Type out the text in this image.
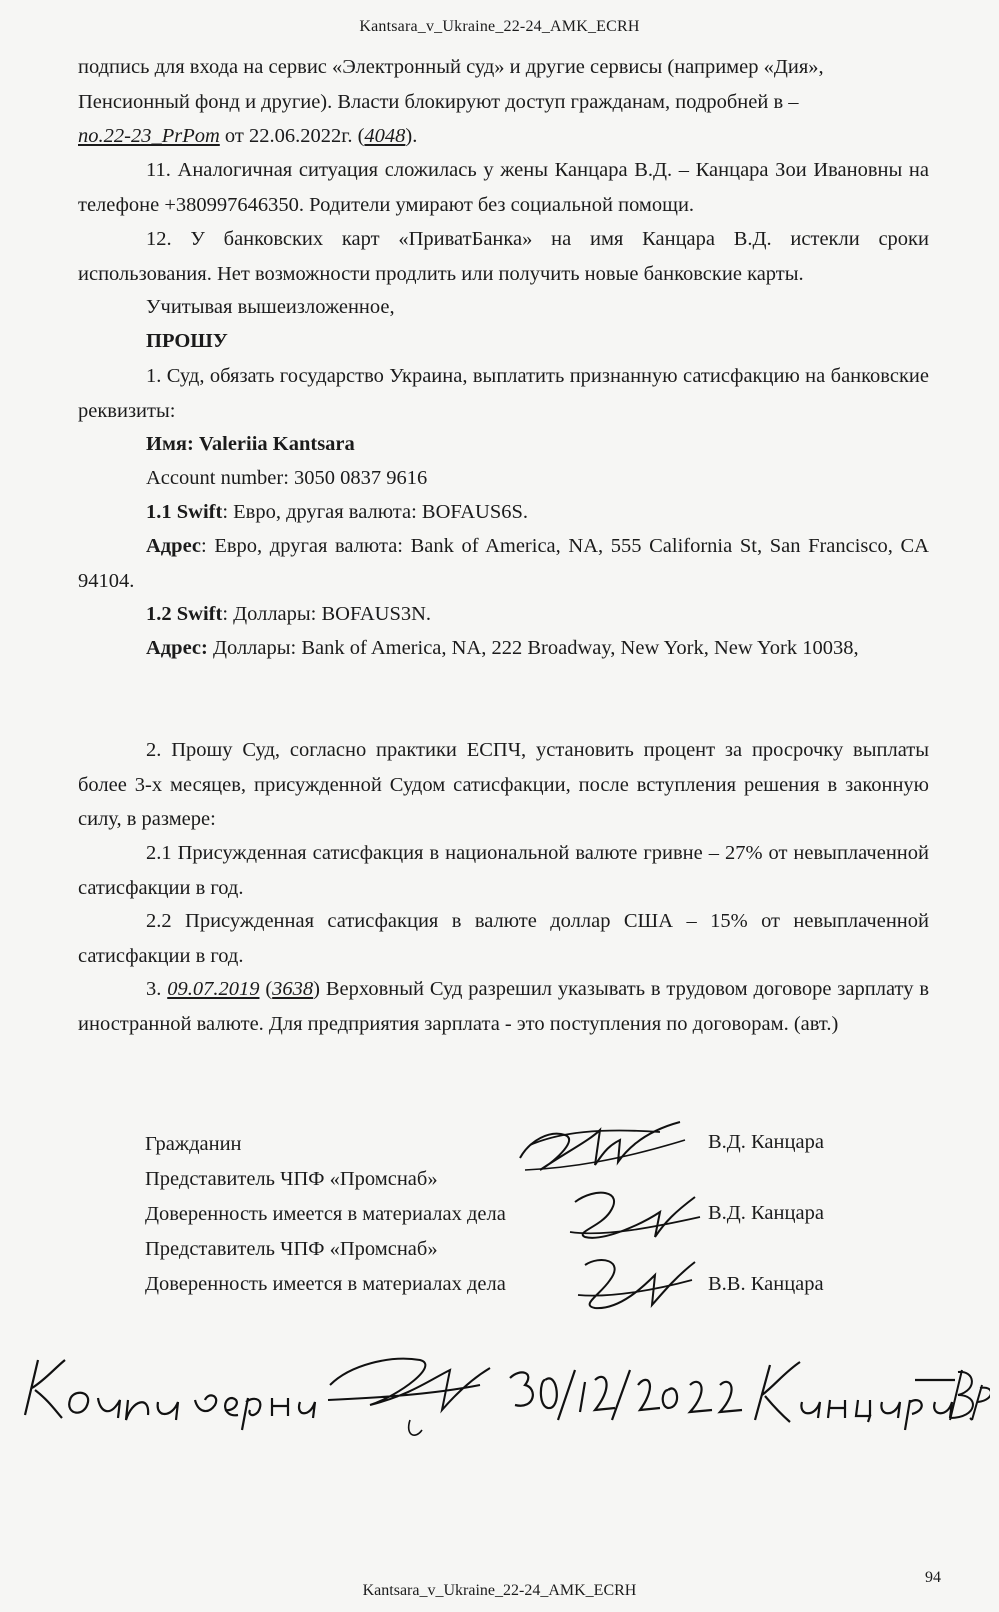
Kantsara_v_Ukraine_22-24_AMK_ECRH
подпись для входа на сервис «Электронный суд» и другие сервисы (например «Дия»,
Пенсионный фонд и другие). Власти блокируют доступ гражданам, подробней в –
по.22-23_PrPom от 22.06.2022г. (4048).
11. Аналогичная ситуация сложилась у жены Канцара В.Д. – Канцара Зои Ивановны на телефоне +380997646350. Родители умирают без социальной помощи.
12. У банковских карт «ПриватБанка» на имя Канцара В.Д. истекли сроки использования. Нет возможности продлить или получить новые банковские карты.
Учитывая вышеизложенное,
ПРОШУ
1. Суд, обязать государство Украина, выплатить признанную сатисфакцию на банковские реквизиты:
Имя: Valeriia Kantsara
Account number: 3050 0837 9616
1.1 Swift: Евро, другая валюта: BOFAUS6S.
Адрес: Евро, другая валюта: Bank of America, NA, 555 California St, San Francisco, CA 94104.
1.2 Swift: Доллары: BOFAUS3N.
Адрес: Доллары: Bank of America, NA, 222 Broadway, New York, New York 10038,
2. Прошу Суд, согласно практики ЕСПЧ, установить процент за просрочку выплаты более 3-х месяцев, присужденной Судом сатисфакции, после вступления решения в законную силу, в размере:
2.1 Присужденная сатисфакция в национальной валюте гривне – 27% от невыплаченной сатисфакции в год.
2.2 Присужденная сатисфакция в валюте доллар США – 15% от невыплаченной сатисфакции в год.
3. 09.07.2019 (3638) Верховный Суд разрешил указывать в трудовом договоре зарплату в иностранной валюте. Для предприятия зарплата - это поступления по договорам. (авт.)
Гражданин	В.Д. Канцара
Представитель ЧПФ «Промснаб»
Доверенность имеется в материалах дела	В.Д. Канцара
Представитель ЧПФ «Промснаб»
Доверенность имеется в материалах дела	В.В. Канцара
Kantsara_v_Ukraine_22-24_AMK_ECRH
94
